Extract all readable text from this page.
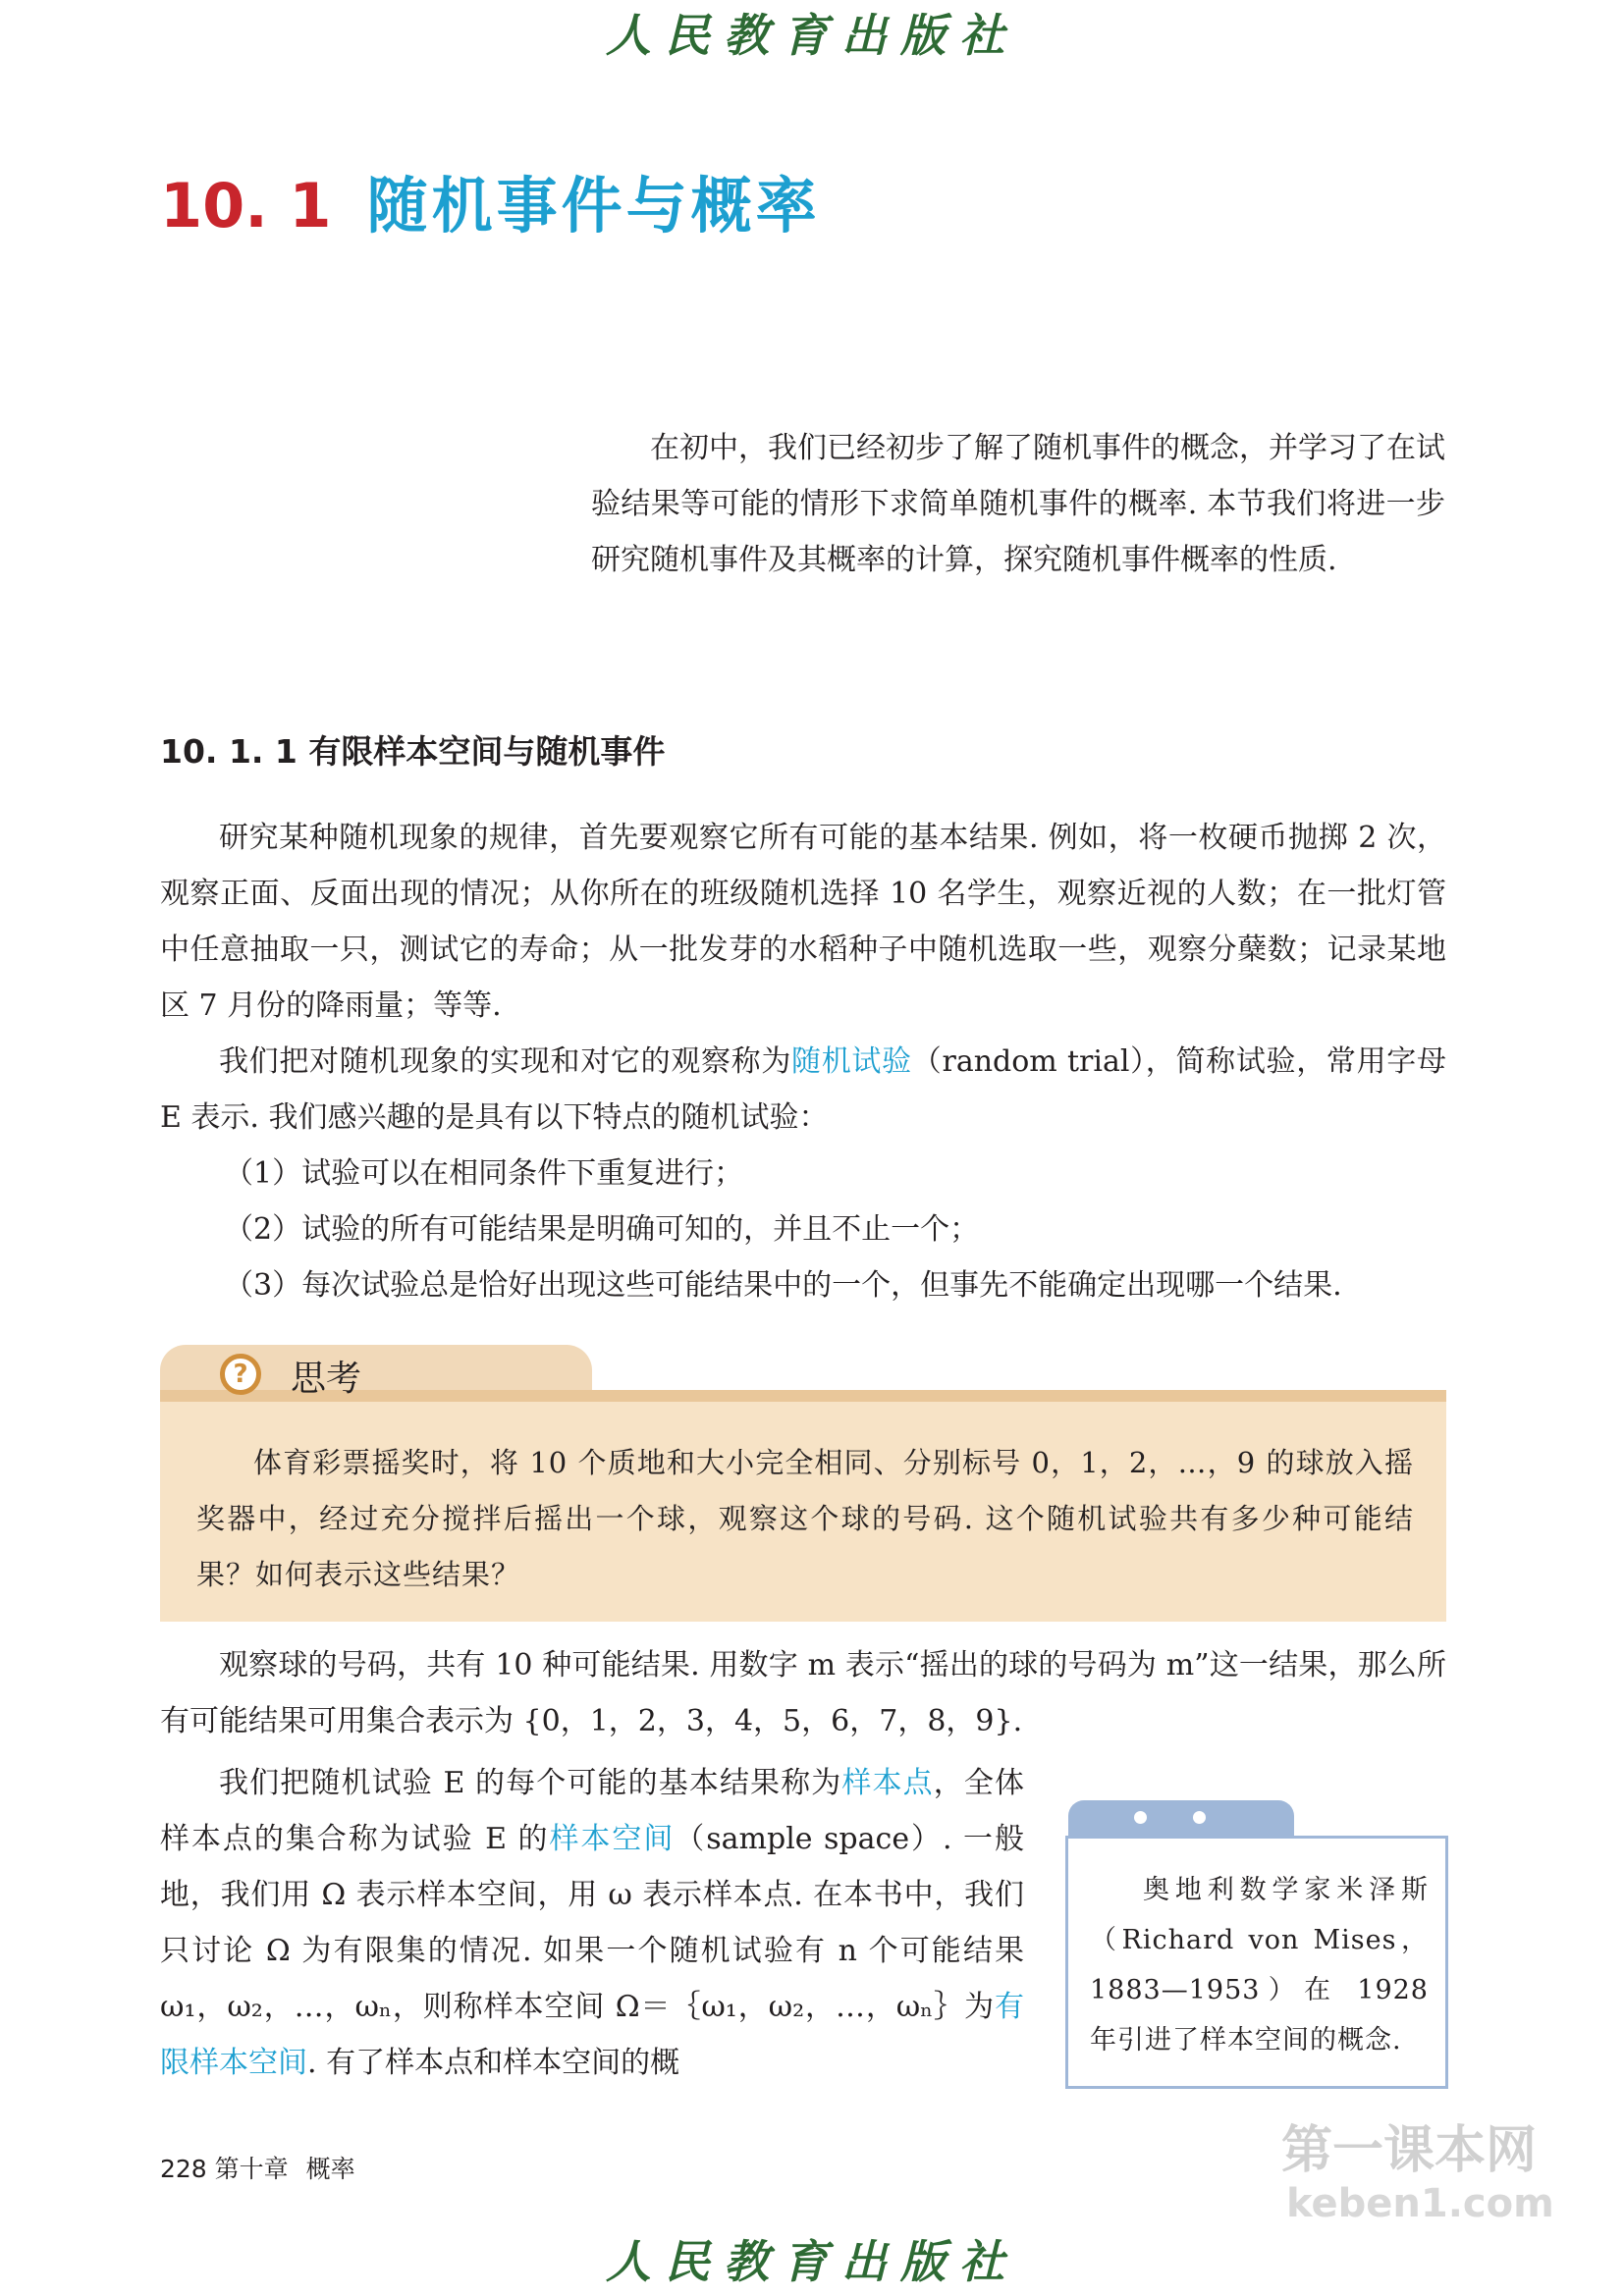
人民教育出版社
10. 1 随机事件与概率
在初中，我们已经初步了解了随机事件的概念，并学习了在试验结果等可能的情形下求简单随机事件的概率. 本节我们将进一步研究随机事件及其概率的计算，探究随机事件概率的性质.
10. 1. 1 有限样本空间与随机事件
研究某种随机现象的规律，首先要观察它所有可能的基本结果. 例如，将一枚硬币抛掷 2 次，观察正面、反面出现的情况；从你所在的班级随机选择 10 名学生，观察近视的人数；在一批灯管中任意抽取一只，测试它的寿命；从一批发芽的水稻种子中随机选取一些，观察分蘖数；记录某地区 7 月份的降雨量；等等.
我们把对随机现象的实现和对它的观察称为随机试验（random trial），简称试验，常用字母 E 表示. 我们感兴趣的是具有以下特点的随机试验：
（1）试验可以在相同条件下重复进行；
（2）试验的所有可能结果是明确可知的，并且不止一个；
（3）每次试验总是恰好出现这些可能结果中的一个，但事先不能确定出现哪一个结果.
?	思考
体育彩票摇奖时，将 10 个质地和大小完全相同、分别标号 0，1，2，…，9 的球放入摇奖器中，经过充分搅拌后摇出一个球，观察这个球的号码. 这个随机试验共有多少种可能结果？如何表示这些结果？
观察球的号码，共有 10 种可能结果. 用数字 m 表示“摇出的球的号码为 m”这一结果，那么所有可能结果可用集合表示为 {0，1，2，3，4，5，6，7，8，9}.
我们把随机试验 E 的每个可能的基本结果称为样本点，全体样本点的集合称为试验 E 的样本空间（sample space）. 一般地，我们用 Ω 表示样本空间，用 ω 表示样本点. 在本书中，我们只讨论 Ω 为有限集的情况. 如果一个随机试验有 n 个可能结果 ω₁，ω₂，…，ωₙ，则称样本空间 Ω＝｛ω₁，ω₂，…，ωₙ｝为有限样本空间. 有了样本点和样本空间的概
奥地利数学家米泽斯（Richard von Mises，1883—1953）在 1928 年引进了样本空间的概念.
228 第十章 概率	第一课本网
keben1.com
人民教育出版社
